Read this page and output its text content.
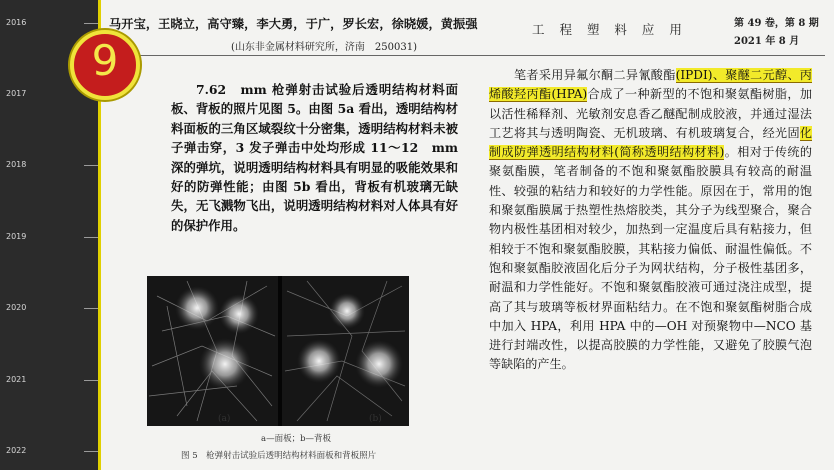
2016
2017
2018
2019
2020
2021
2022
马开宝，王晓立，高守臻，李大勇，于广，罗长宏，徐晓媛，黄振强
(山东非金属材料研究所，济南　250031)
工 程 塑 料 应 用	第 49 卷，第 8 期
2021 年 8 月

7.62　mm 枪弹射击试验后透明结构材料面板、背板的照片见图 5。由图 5a 看出，透明结构材料面板的三角区域裂纹十分密集，透明结构材料未被子弹击穿，3 发子弹击中处均形成 11～12　mm 深的弹坑，说明透明结构材料具有明显的吸能效果和好的防弹性能；由图 5b 看出，背板有机玻璃无缺失，无飞溅物飞出，说明透明结构材料对人体具有好的保护作用。

(a)	(b)
a—面板；b—背板
图 5　枪弹射击试验后透明结构材料面板和背板照片

笔者采用异氟尔酮二异氰酸酯(IPDI)、聚醚二元醇、丙烯酸羟丙酯(HPA)合成了一种新型的不饱和聚氨酯树脂，加以活性稀释剂、光敏剂安息香乙醚配制成胶液，并通过湿法工艺将其与透明陶瓷、无机玻璃、有机玻璃复合，经光固化制成防弹透明结构材料(简称透明结构材料)。相对于传统的聚氨酯膜，笔者制备的不饱和聚氨酯胶膜具有较高的耐温性、较强的粘结力和较好的力学性能。原因在于，常用的饱和聚氨酯膜属于热塑性热熔胶类，其分子为线型聚合，聚合物内极性基团相对较少，加热到一定温度后具有粘接力，但相较于不饱和聚氨酯胶膜，其粘接力偏低、耐温性偏低。不饱和聚氨酯胶液固化后分子为网状结构，分子极性基团多，耐温和力学性能好。不饱和聚氨酯胶液可通过浇注成型，提高了其与玻璃等板材界面粘结力。在不饱和聚氨酯树脂合成中加入 HPA，利用 HPA 中的—OH 对预聚物中—NCO 基进行封端改性，以提高胶膜的力学性能，又避免了胶膜气泡等缺陷的产生。

9
